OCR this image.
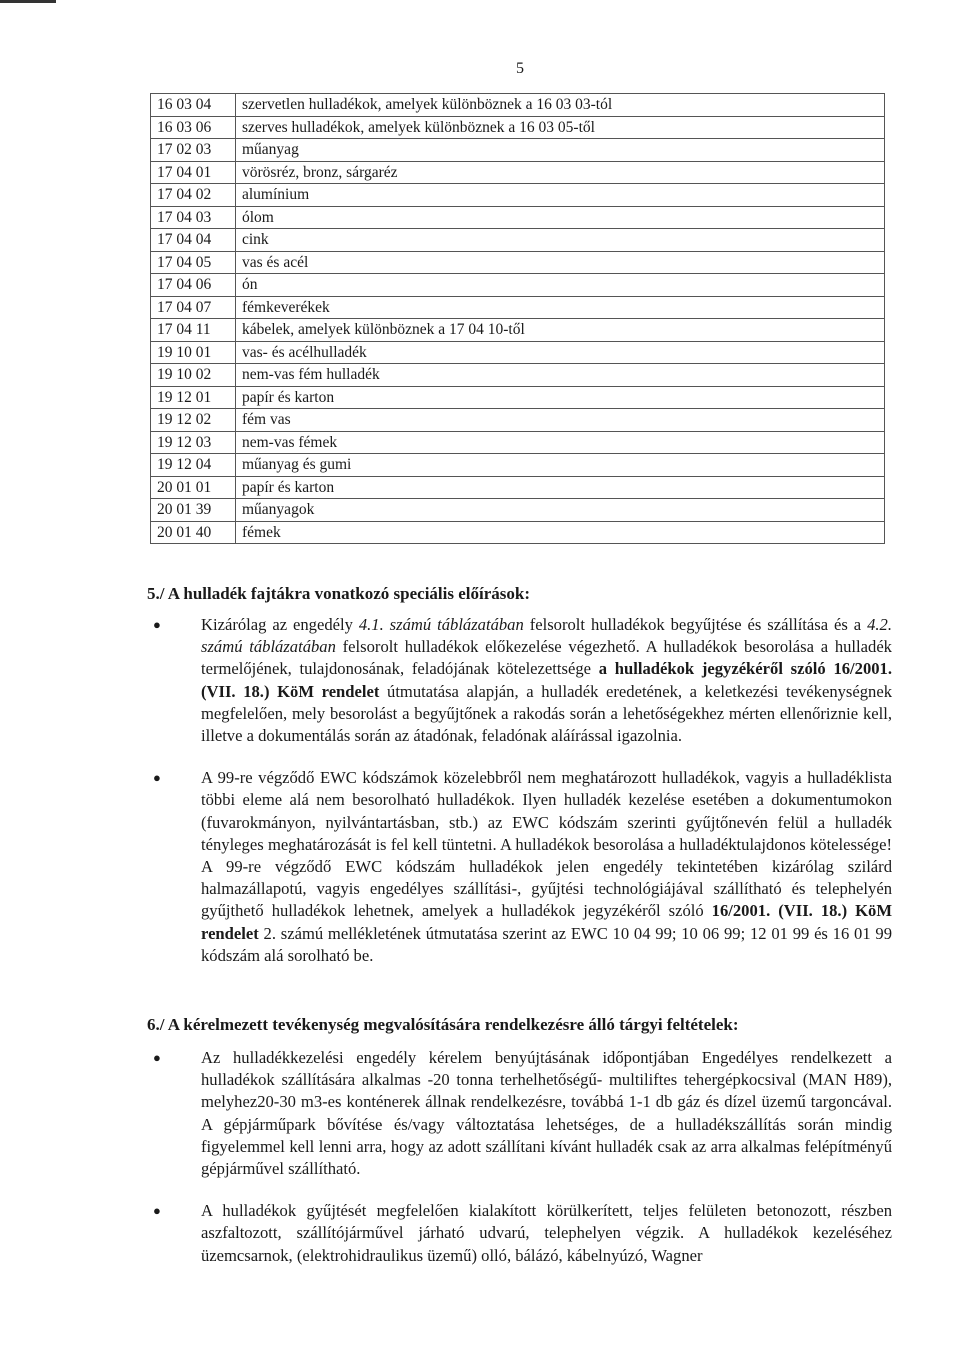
5
16 03 04	szervetlen hulladékok, amelyek különböznek a 16 03 03-tól
16 03 06	szerves hulladékok, amelyek különböznek a 16 03 05-től
17 02 03	műanyag
17 04 01	vörösréz, bronz, sárgaréz
17 04 02	alumínium
17 04 03	ólom
17 04 04	cink
17 04 05	vas és acél
17 04 06	ón
17 04 07	fémkeverékek
17 04 11	kábelek, amelyek különböznek a 17 04 10-től
19 10 01	vas- és acélhulladék
19 10 02	nem-vas fém hulladék
19 12 01	papír és karton
19 12 02	fém vas
19 12 03	nem-vas fémek
19 12 04	műanyag és gumi
20 01 01	papír és karton
20 01 39	műanyagok
20 01 40	fémek
5./ A hulladék fajtákra vonatkozó speciális előírások:
● Kizárólag az engedély 4.1. számú táblázatában felsorolt hulladékok begyűjtése és szállítása és a 4.2. számú táblázatában felsorolt hulladékok előkezelése végezhető. A hulladékok besorolása a hulladék termelőjének, tulajdonosának, feladójának kötelezettsége a hulladékok jegyzékéről szóló 16/2001. (VII. 18.) KöM rendelet útmutatása alapján, a hulladék eredetének, a keletkezési tevékenységnek megfelelően, mely besorolást a begyűjtőnek a rakodás során a lehetőségekhez mérten ellenőriznie kell, illetve a dokumentálás során az átadónak, feladónak aláírással igazolnia.
● A 99-re végződő EWC kódszámok közelebbről nem meghatározott hulladékok, vagyis a hulladéklista többi eleme alá nem besorolható hulladékok. Ilyen hulladék kezelése esetében a dokumentumokon (fuvarokmányon, nyilvántartásban, stb.) az EWC kódszám szerinti gyűjtőnevén felül a hulladék tényleges meghatározását is fel kell tüntetni. A hulladékok besorolása a hulladéktulajdonos kötelessége! A 99-re végződő EWC kódszám hulladékok jelen engedély tekintetében kizárólag szilárd halmazállapotú, vagyis engedélyes szállítási-, gyűjtési technológiájával szállítható és telephelyén gyűjthető hulladékok lehetnek, amelyek a hulladékok jegyzékéről szóló 16/2001. (VII. 18.) KöM rendelet 2. számú mellékletének útmutatása szerint az EWC 10 04 99; 10 06 99; 12 01 99 és 16 01 99 kódszám alá sorolható be.
6./ A kérelmezett tevékenység megvalósítására rendelkezésre álló tárgyi feltételek:
● Az hulladékkezelési engedély kérelem benyújtásának időpontjában Engedélyes rendelkezett a hulladékok szállítására alkalmas -20 tonna terhelhetőségű- multiliftes tehergépkocsival (MAN H89), melyhez20-30 m3-es konténerek állnak rendelkezésre, továbbá 1-1 db gáz és dízel üzemű targoncával. A gépjárműpark bővítése és/vagy változtatása lehetséges, de a hulladékszállítás során mindig figyelemmel kell lenni arra, hogy az adott szállítani kívánt hulladék csak az arra alkalmas felépítményű gépjárművel szállítható.
● A hulladékok gyűjtését megfelelően kialakított körülkerített, teljes felületen betonozott, részben aszfaltozott, szállítójárművel járható udvarú, telephelyen végzik. A hulladékok kezeléséhez üzemcsarnok, (elektrohidraulikus üzemű) olló, bálázó, kábelnyúzó, Wagner
